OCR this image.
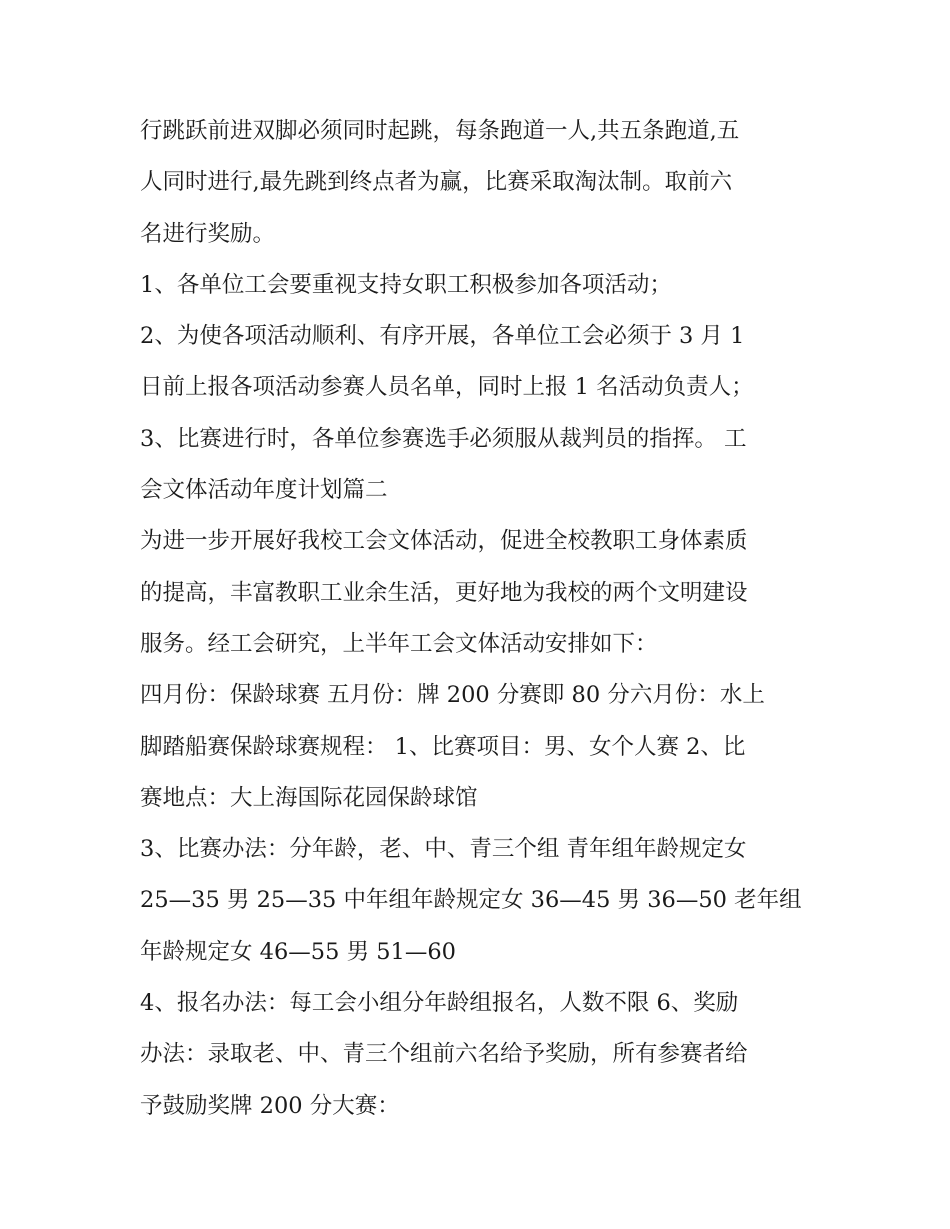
行跳跃前进双脚必须同时起跳，每条跑道一人,共五条跑道,五
人同时进行,最先跳到终点者为赢，比赛采取淘汰制。取前六
名进行奖励。
1、各单位工会要重视支持女职工积极参加各项活动；
2、为使各项活动顺利、有序开展，各单位工会必须于 3 月 1
日前上报各项活动参赛人员名单，同时上报 1 名活动负责人；
3、比赛进行时，各单位参赛选手必须服从裁判员的指挥。 工
会文体活动年度计划篇二
为进一步开展好我校工会文体活动，促进全校教职工身体素质
的提高，丰富教职工业余生活，更好地为我校的两个文明建设
服务。经工会研究，上半年工会文体活动安排如下：
四月份：保龄球赛 五月份：牌 200 分赛即 80 分六月份：水上
脚踏船赛保龄球赛规程： 1、比赛项目：男、女个人赛 2、比
赛地点：大上海国际花园保龄球馆
3、比赛办法：分年龄，老、中、青三个组 青年组年龄规定女
25—35 男 25—35 中年组年龄规定女 36—45 男 36—50 老年组
年龄规定女 46—55 男 51—60
4、报名办法：每工会小组分年龄组报名，人数不限 6、奖励
办法：录取老、中、青三个组前六名给予奖励，所有参赛者给
予鼓励奖牌 200 分大赛：
